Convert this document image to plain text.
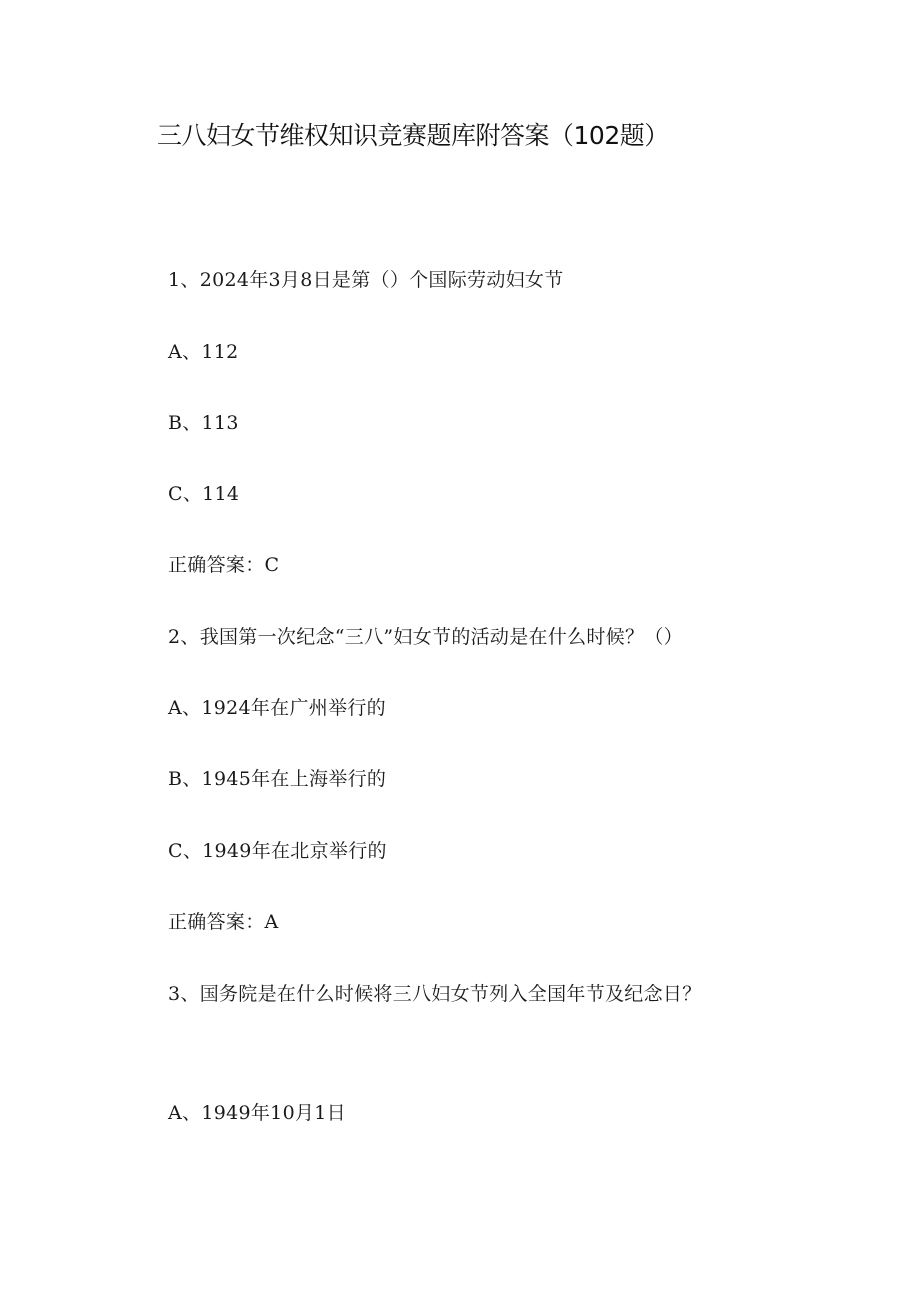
三八妇女节维权知识竞赛题库附答案（102题）
1、2024年3月8日是第（）个国际劳动妇女节
A、112
B、113
C、114
正确答案：C
2、我国第一次纪念“三八”妇女节的活动是在什么时候？（）
A、1924年在广州举行的
B、1945年在上海举行的
C、1949年在北京举行的
正确答案：A
3、国务院是在什么时候将三八妇女节列入全国年节及纪念日？
A、1949年10月1日
